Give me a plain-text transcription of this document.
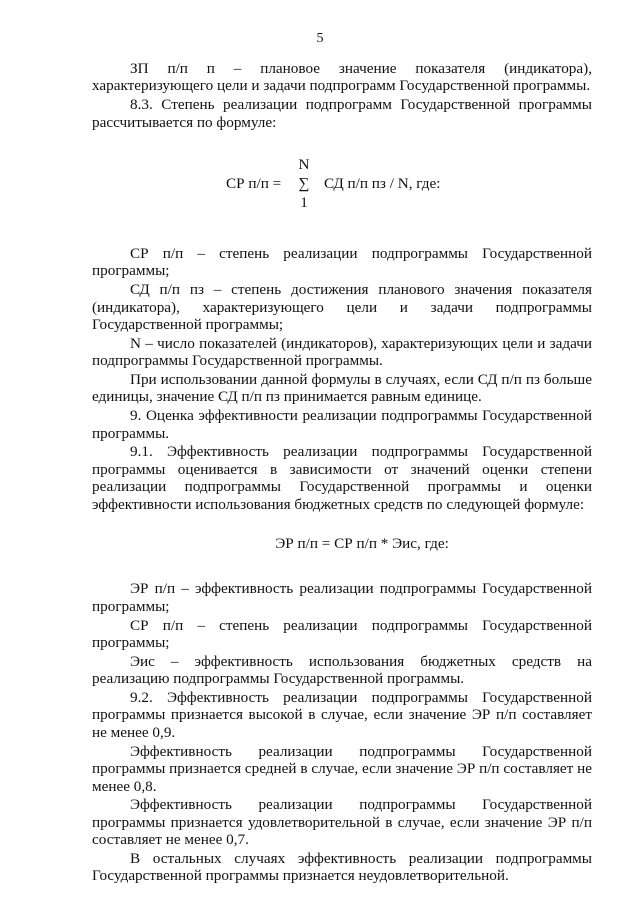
5

ЗП п/п п – плановое значение показателя (индикатора), характеризующего цели и задачи подпрограмм Государственной программы.

8.3. Степень реализации подпрограмм Государственной программы рассчитывается по формуле:

СР п/п =
N
∑
1
СД п/п пз / N, где:

СР п/п – степень реализации подпрограммы Государственной программы;

СД п/п пз – степень достижения планового значения показателя (индикатора), характеризующего цели и задачи подпрограммы Государственной программы;

N – число показателей (индикаторов), характеризующих цели и задачи подпрограммы Государственной программы.

При использовании данной формулы в случаях, если СД п/п пз больше единицы, значение СД п/п пз принимается равным единице.

9. Оценка эффективности реализации подпрограммы Государственной программы.

9.1. Эффективность реализации подпрограммы Государственной программы оценивается в зависимости от значений оценки степени реализации подпрограммы Государственной программы и оценки эффективности использования бюджетных средств по следующей формуле:

ЭР п/п = СР п/п * Эис, где:

ЭР п/п – эффективность реализации подпрограммы Государственной программы;

СР п/п – степень реализации подпрограммы Государственной программы;

Эис – эффективность использования бюджетных средств на реализацию подпрограммы Государственной программы.

9.2. Эффективность реализации подпрограммы Государственной программы признается высокой в случае, если значение ЭР п/п составляет не менее 0,9.

Эффективность реализации подпрограммы Государственной программы признается средней в случае, если значение ЭР п/п составляет не менее 0,8.

Эффективность реализации подпрограммы Государственной программы признается удовлетворительной в случае, если значение ЭР п/п составляет не менее 0,7.

В остальных случаях эффективность реализации подпрограммы Государственной программы признается неудовлетворительной.
